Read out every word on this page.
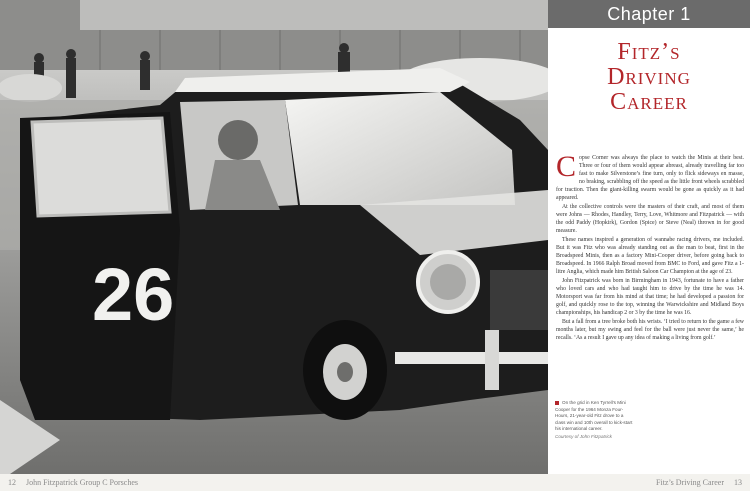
26
Chapter 1
Fitz’s
Driving
Career

Copse Corner was always the place to watch the Minis at their best. Three or four of them would appear abreast, already travelling far too fast to make Silverstone’s fine turn, only to flick sideways en masse, no braking, scrabbling off the speed as the little front wheels scrabbled for traction. Then the giant-killing swarm would be gone as quickly as it had appeared.

At the collective controls were the masters of their craft, and most of them were Johns — Rhodes, Handley, Terry, Love, Whitmore and Fitzpatrick — with the odd Paddy (Hopkirk), Gordon (Spice) or Steve (Neal) thrown in for good measure.

These names inspired a generation of wannabe racing drivers, me included. But it was Fitz who was already standing out as the man to beat, first in the Broadspeed Minis, then as a factory Mini-Cooper driver, before going back to Broadspeed. In 1966 Ralph Broad moved from BMC to Ford, and gave Fitz a 1-litre Anglia, which made him British Saloon Car Champion at the age of 23.

John Fitzpatrick was born in Birmingham in 1943, fortunate to have a father who loved cars and who had taught him to drive by the time he was 14. Motorsport was far from his mind at that time; he had developed a passion for golf, and quickly rose to the top, winning the Warwickshire and Midland Boys championships, his handicap 2 or 3 by the time he was 16.

But a fall from a tree broke both his wrists. ‘I tried to return to the game a few months later, but my swing and feel for the ball were just never the same,’ he recalls. ‘As a result I gave up any idea of making a living from golf.’

On the grid in Ken Tyrrell’s Mini Cooper for the 1964 Monza Four-Hours, 21-year-old Fitz drove to a class win and 10th overall to kick-start his international career.
Courtesy of John Fitzpatrick
12 John Fitzpatrick Group C Porsches	Fitz’s Driving Career 13
